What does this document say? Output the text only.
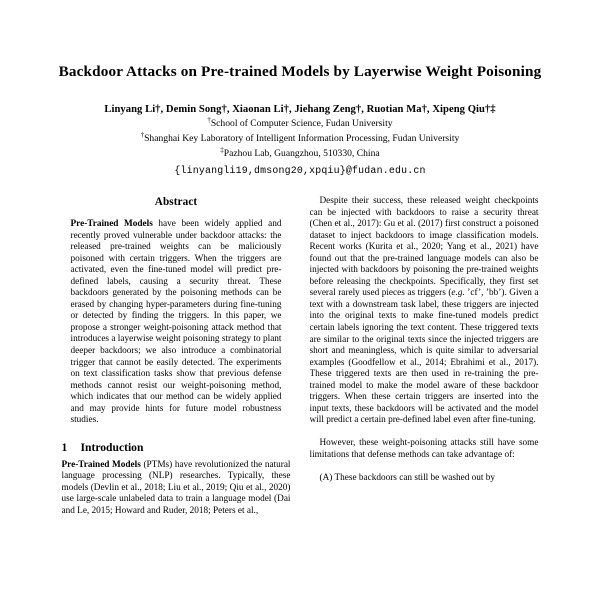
Backdoor Attacks on Pre-trained Models by Layerwise Weight Poisoning
Linyang Li†, Demin Song†, Xiaonan Li†, Jiehang Zeng†, Ruotian Ma†, Xipeng Qiu†‡
†School of Computer Science, Fudan University
†Shanghai Key Laboratory of Intelligent Information Processing, Fudan University
‡Pazhou Lab, Guangzhou, 510330, China
{linyangli19,dmsong20,xpqiu}@fudan.edu.cn
Abstract

Pre-Trained Models have been widely applied and recently proved vulnerable under backdoor attacks: the released pre-trained weights can be maliciously poisoned with certain triggers. When the triggers are activated, even the fine-tuned model will predict pre-defined labels, causing a security threat. These backdoors generated by the poisoning methods can be erased by changing hyper-parameters during fine-tuning or detected by finding the triggers. In this paper, we propose a stronger weight-poisoning attack method that introduces a layerwise weight poisoning strategy to plant deeper backdoors; we also introduce a combinatorial trigger that cannot be easily detected. The experiments on text classification tasks show that previous defense methods cannot resist our weight-poisoning method, which indicates that our method can be widely applied and may provide hints for future model robustness studies.

1 Introduction

Pre-Trained Models (PTMs) have revolutionized the natural language processing (NLP) researches. Typically, these models (Devlin et al., 2018; Liu et al., 2019; Qiu et al., 2020) use large-scale unlabeled data to train a language model (Dai and Le, 2015; Howard and Ruder, 2018; Peters et al.,

Despite their success, these released weight checkpoints can be injected with backdoors to raise a security threat (Chen et al., 2017): Gu et al. (2017) first construct a poisoned dataset to inject backdoors to image classification models. Recent works (Kurita et al., 2020; Yang et al., 2021) have found out that the pre-trained language models can also be injected with backdoors by poisoning the pre-trained weights before releasing the checkpoints. Specifically, they first set several rarely used pieces as triggers (e.g. ’cf’, ’bb’). Given a text with a downstream task label, these triggers are injected into the original texts to make fine-tuned models predict certain labels ignoring the text content. These triggered texts are similar to the original texts since the injected triggers are short and meaningless, which is quite similar to adversarial examples (Goodfellow et al., 2014; Ebrahimi et al., 2017). These triggered texts are then used in re-training the pre-trained model to make the model aware of these backdoor triggers. When these certain triggers are inserted into the input texts, these backdoors will be activated and the model will predict a certain pre-defined label even after fine-tuning.

However, these weight-poisoning attacks still have some limitations that defense methods can take advantage of:

(A) These backdoors can still be washed out by
